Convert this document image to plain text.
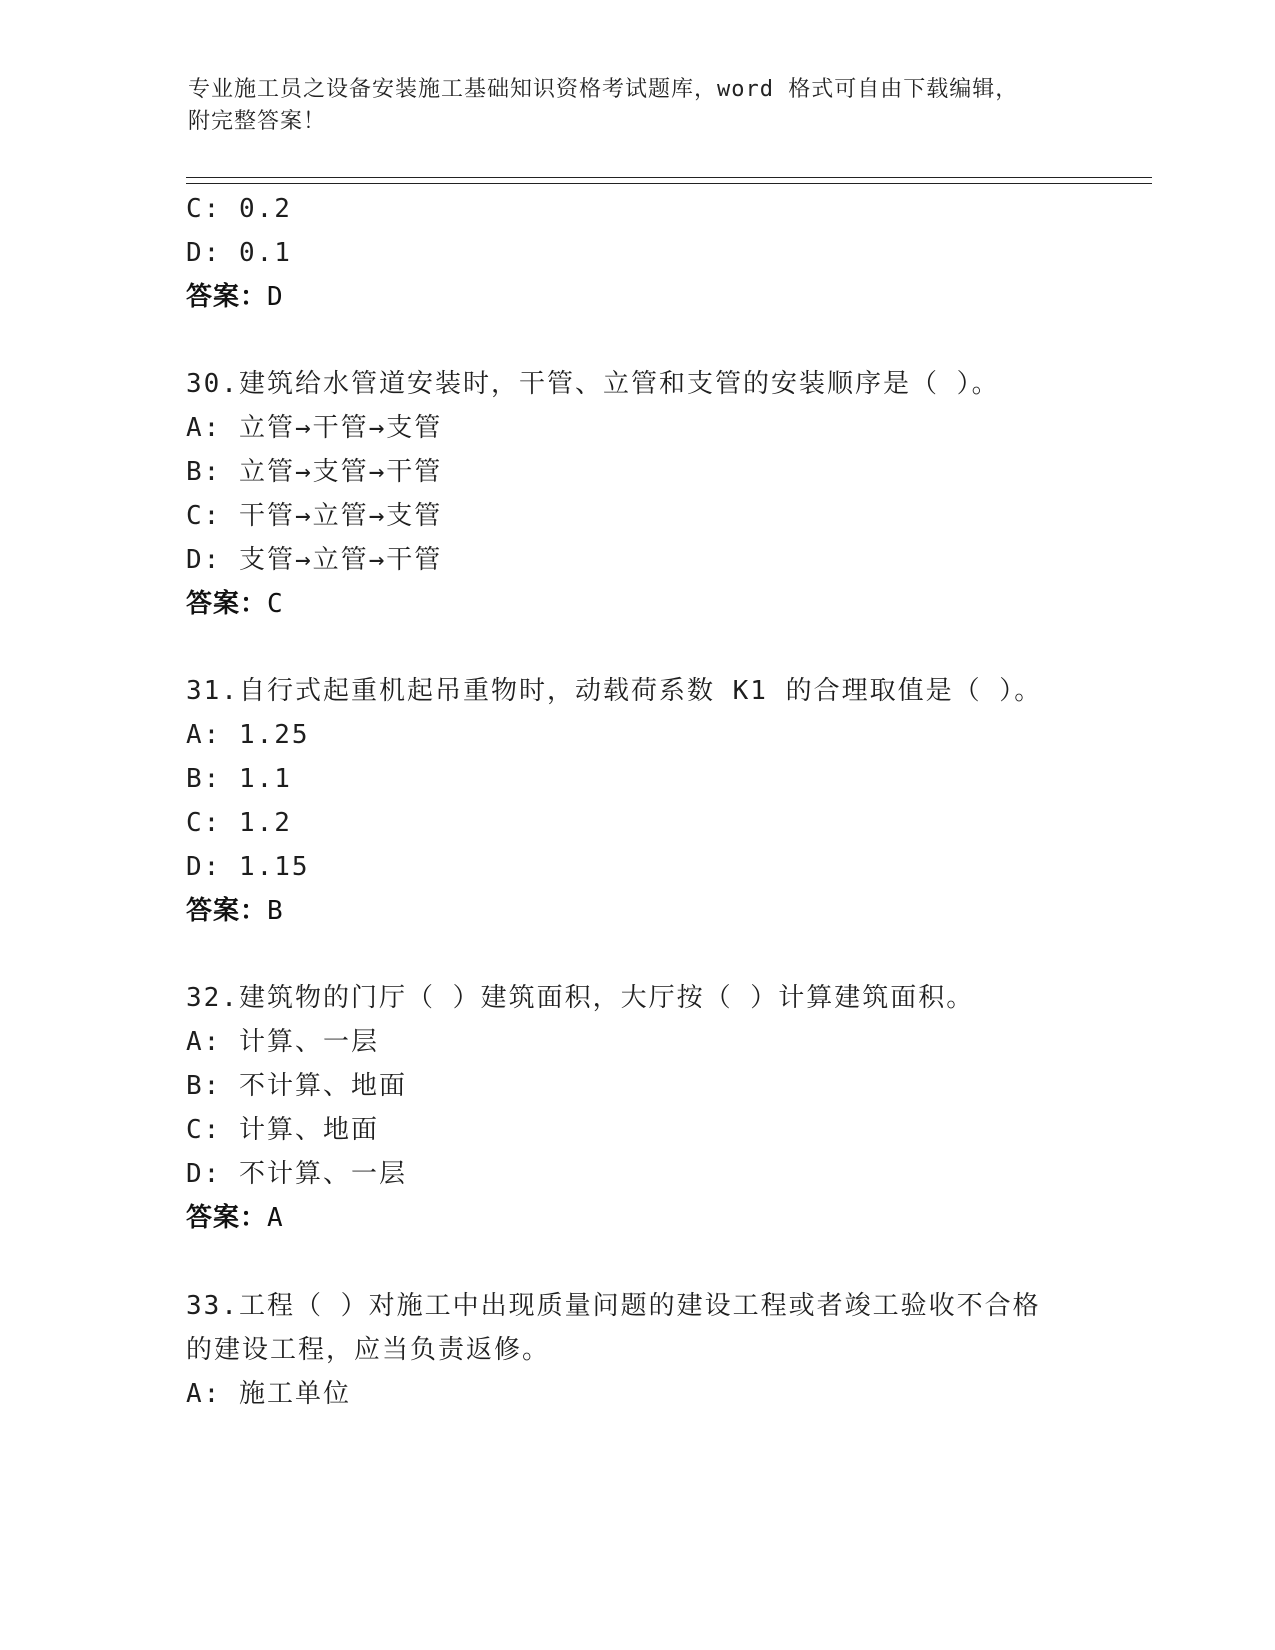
专业施工员之设备安装施工基础知识资格考试题库，word 格式可自由下载编辑，
附完整答案！
C: 0.2
D: 0.1
答案：D
30.建筑给水管道安装时，干管、立管和支管的安装顺序是（ ）。
A: 立管→干管→支管
B: 立管→支管→干管
C: 干管→立管→支管
D: 支管→立管→干管
答案：C
31.自行式起重机起吊重物时，动载荷系数 K1 的合理取值是（ ）。
A: 1.25
B: 1.1
C: 1.2
D: 1.15
答案：B
32.建筑物的门厅（ ）建筑面积，大厅按（ ）计算建筑面积。
A: 计算、一层
B: 不计算、地面
C: 计算、地面
D: 不计算、一层
答案：A
33.工程（ ）对施工中出现质量问题的建设工程或者竣工验收不合格
的建设工程，应当负责返修。
A: 施工单位
